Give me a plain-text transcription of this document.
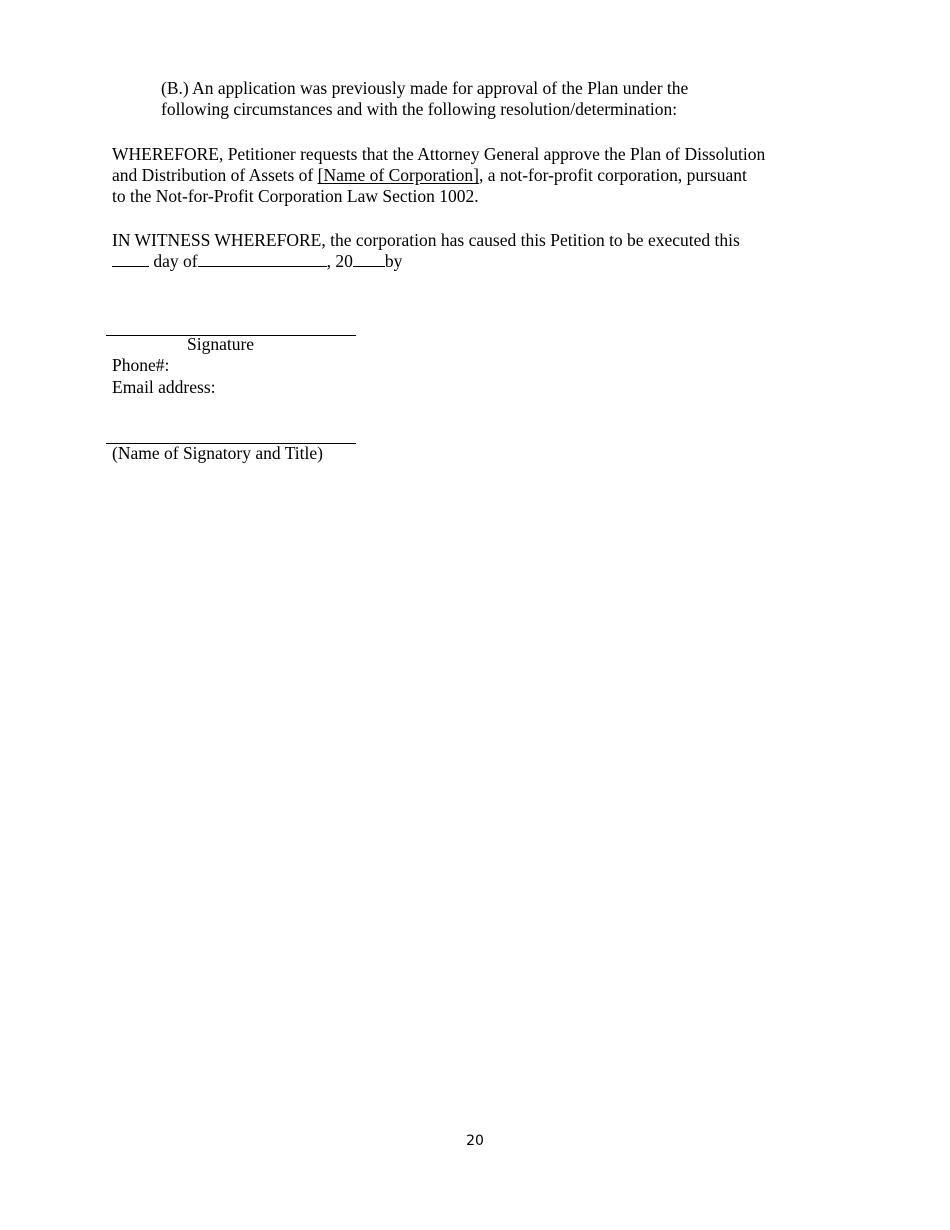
(B.) An application was previously made for approval of the Plan under the
following circumstances and with the following resolution/determination:
WHEREFORE, Petitioner requests that the Attorney General approve the Plan of Dissolution
and Distribution of Assets of [Name of Corporation], a not-for-profit corporation, pursuant
to the Not-for-Profit Corporation Law Section 1002.
IN WITNESS WHEREFORE, the corporation has caused this Petition to be executed this
day of	, 20 by
Signature
Phone#:
Email address:
(Name of Signatory and Title)
20
